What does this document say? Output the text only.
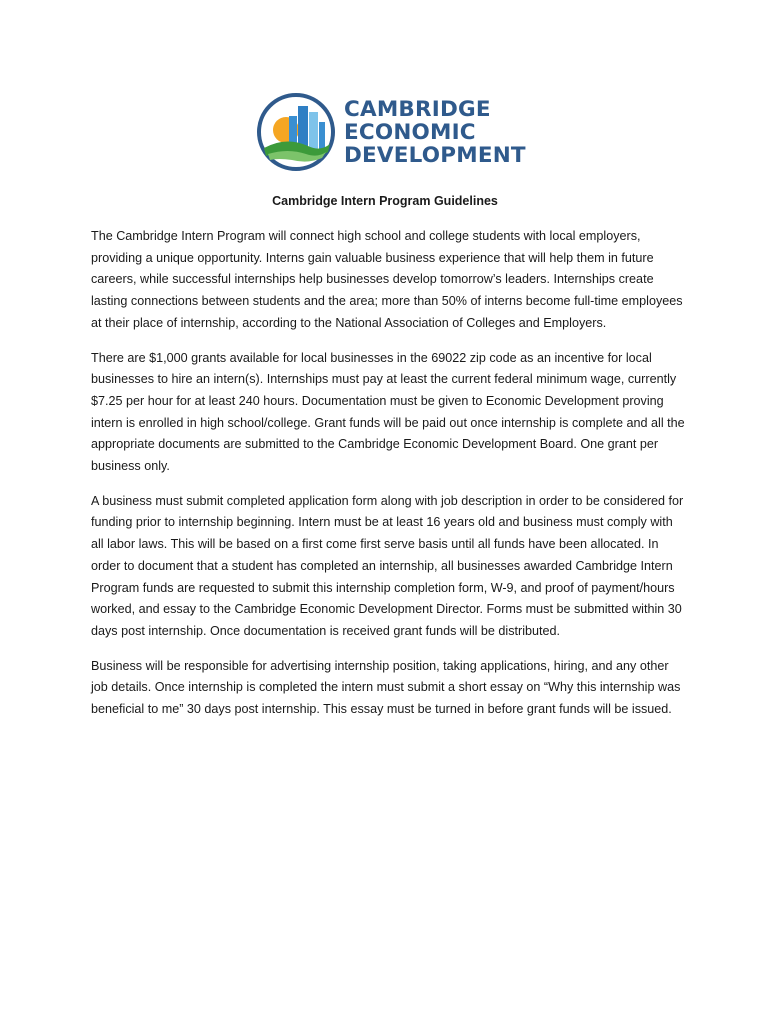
CAMBRIDGE
ECONOMIC
DEVELOPMENT
Cambridge Intern Program Guidelines

The Cambridge Intern Program will connect high school and college students with local employers, providing a unique opportunity. Interns gain valuable business experience that will help them in future careers, while successful internships help businesses develop tomorrow’s leaders. Internships create lasting connections between students and the area; more than 50% of interns become full-time employees at their place of internship, according to the National Association of Colleges and Employers.

There are $1,000 grants available for local businesses in the 69022 zip code as an incentive for local businesses to hire an intern(s). Internships must pay at least the current federal minimum wage, currently $7.25 per hour for at least 240 hours. Documentation must be given to Economic Development proving intern is enrolled in high school/college. Grant funds will be paid out once internship is complete and all the appropriate documents are submitted to the Cambridge Economic Development Board. One grant per business only.

A business must submit completed application form along with job description in order to be considered for funding prior to internship beginning. Intern must be at least 16 years old and business must comply with all labor laws. This will be based on a first come first serve basis until all funds have been allocated. In order to document that a student has completed an internship, all businesses awarded Cambridge Intern Program funds are requested to submit this internship completion form, W-9, and proof of payment/hours worked, and essay to the Cambridge Economic Development Director. Forms must be submitted within 30 days post internship. Once documentation is received grant funds will be distributed.

Business will be responsible for advertising internship position, taking applications, hiring, and any other job details. Once internship is completed the intern must submit a short essay on “Why this internship was beneficial to me” 30 days post internship. This essay must be turned in before grant funds will be issued.
